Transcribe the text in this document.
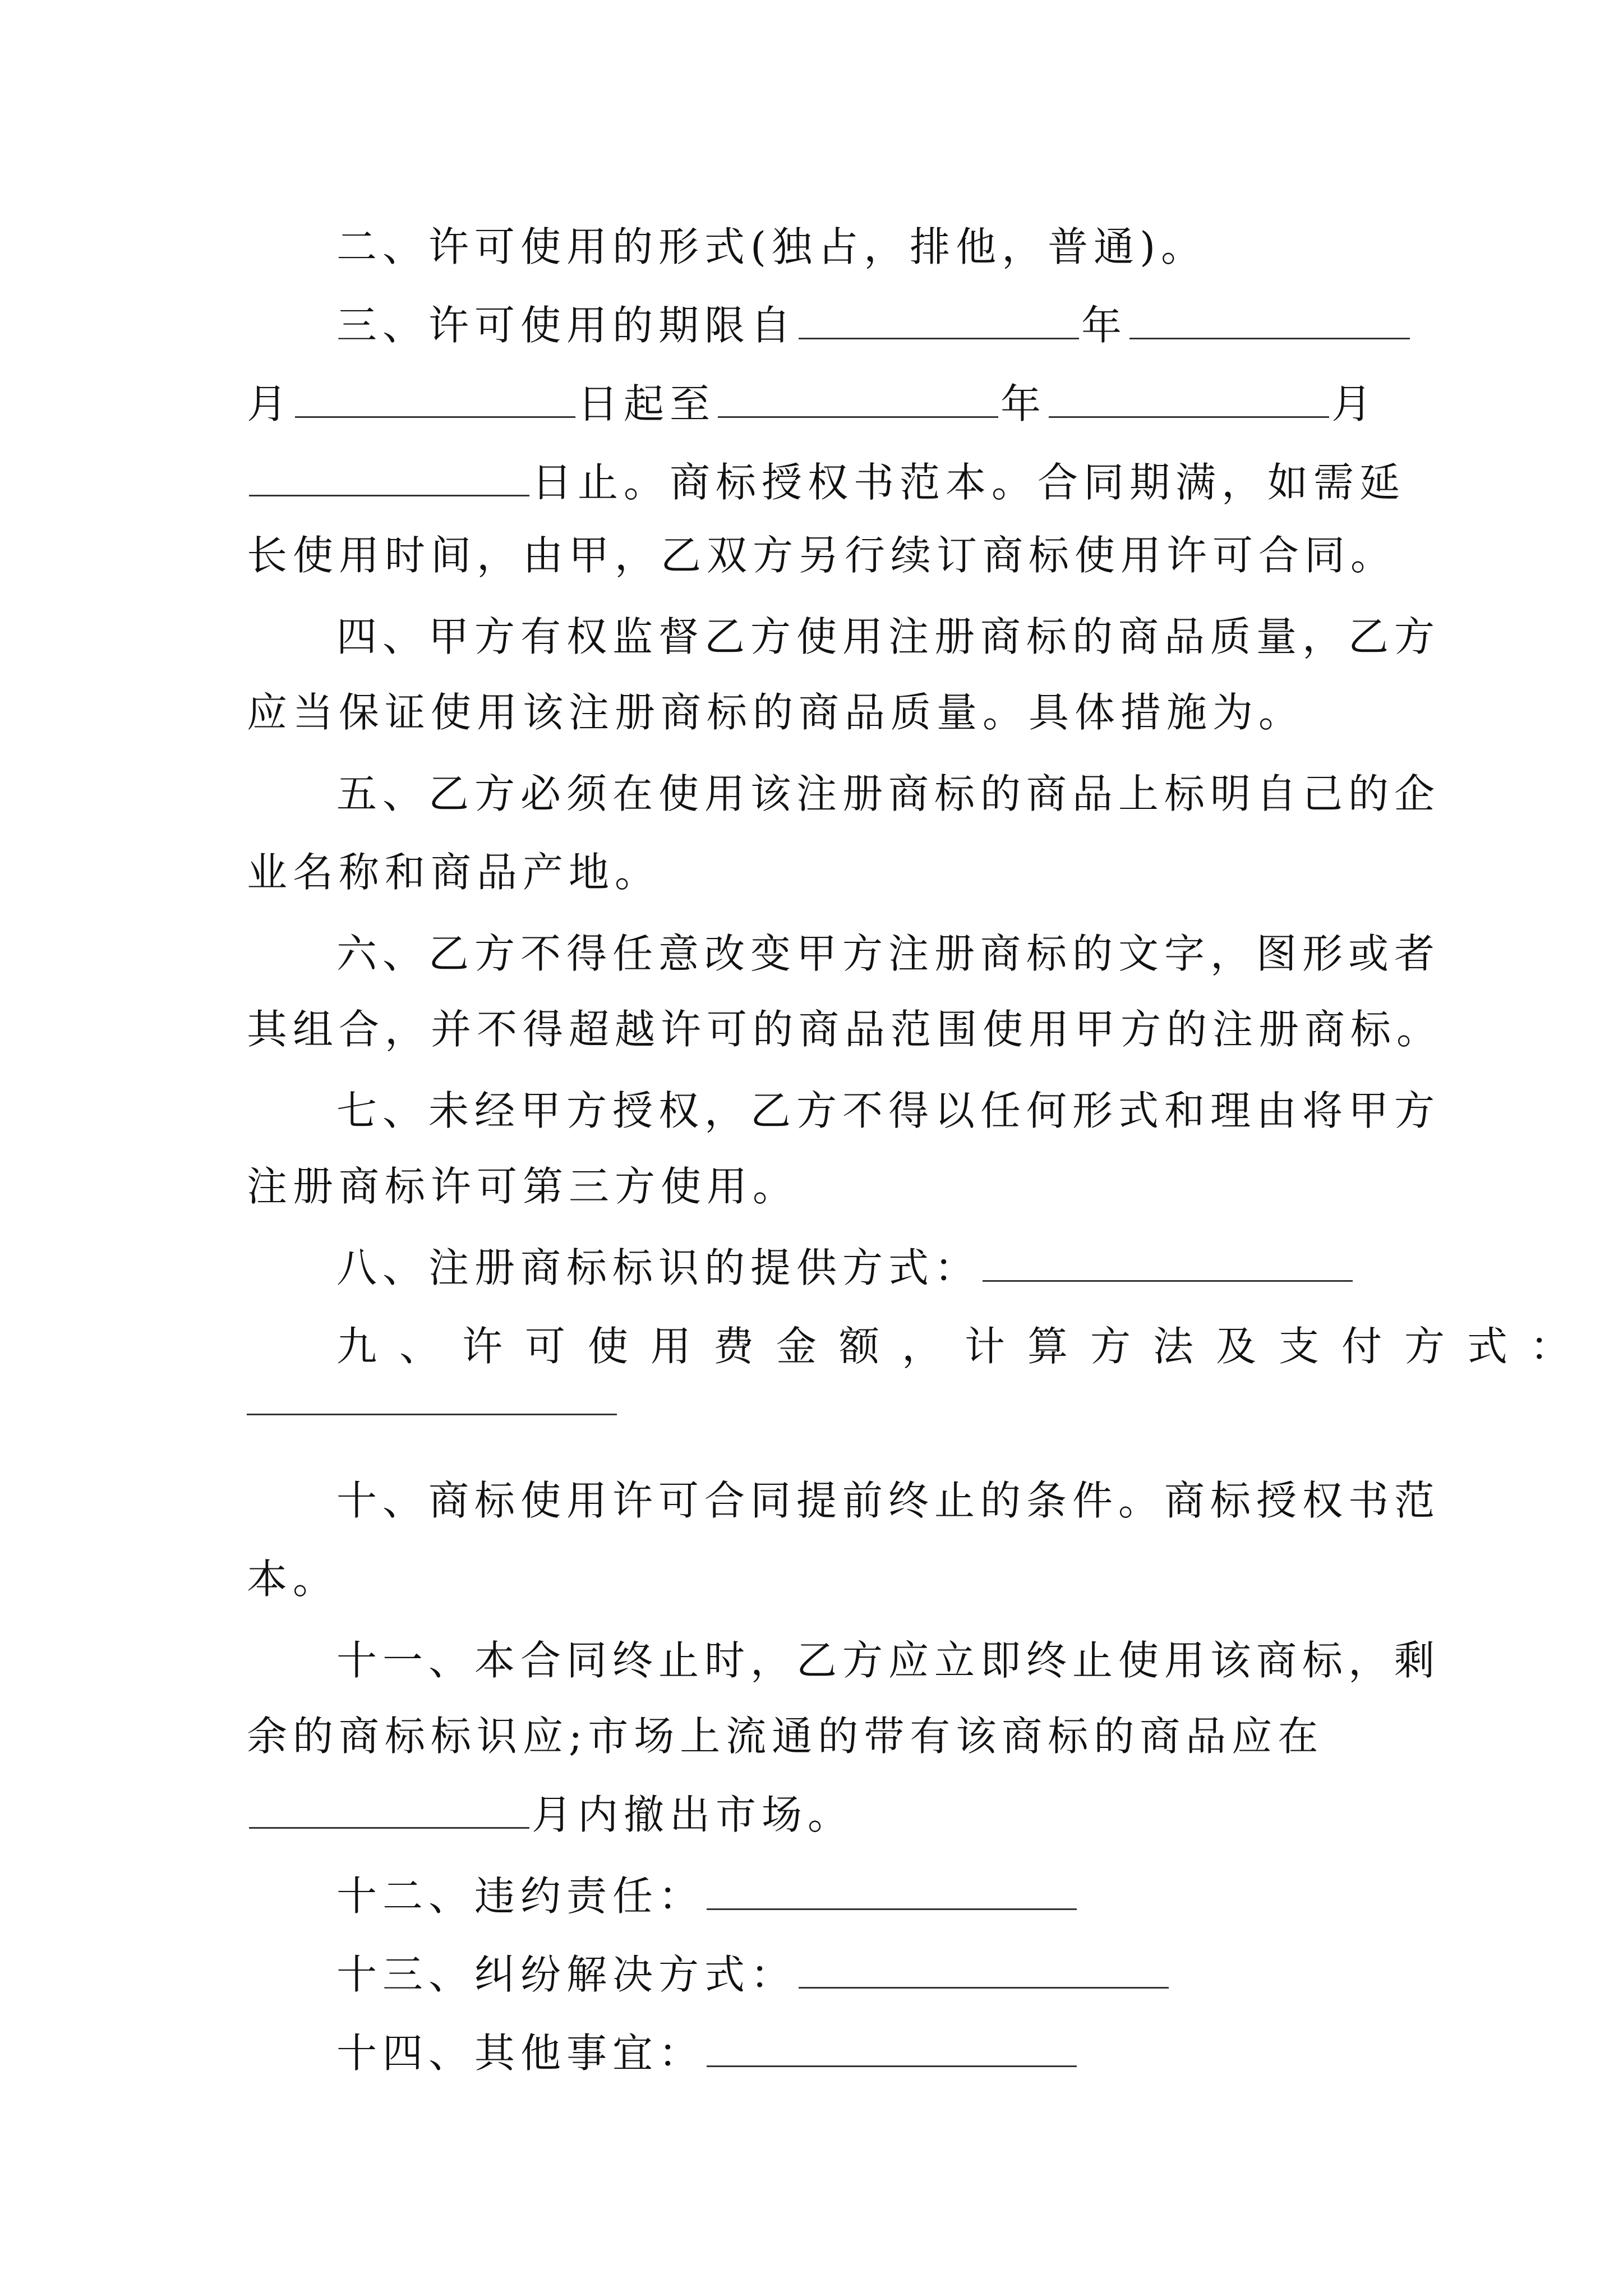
二、许可使用的形式(独占，排他，普通)。
三、许可使用的期限自	年
月	日起至	年	月
日止。商标授权书范本。合同期满，如需延
长使用时间，由甲，乙双方另行续订商标使用许可合同。
四、甲方有权监督乙方使用注册商标的商品质量，乙方
应当保证使用该注册商标的商品质量。具体措施为。
五、乙方必须在使用该注册商标的商品上标明自己的企
业名称和商品产地。
六、乙方不得任意改变甲方注册商标的文字，图形或者
其组合，并不得超越许可的商品范围使用甲方的注册商标。
七、未经甲方授权，乙方不得以任何形式和理由将甲方
注册商标许可第三方使用。
八、注册商标标识的提供方式：
九、许可使用费金额，计算方法及支付方式：
十、商标使用许可合同提前终止的条件。商标授权书范
本。
十一、本合同终止时，乙方应立即终止使用该商标，剩
余的商标标识应;市场上流通的带有该商标的商品应在
月内撤出市场。
十二、违约责任：
十三、纠纷解决方式：
十四、其他事宜：
